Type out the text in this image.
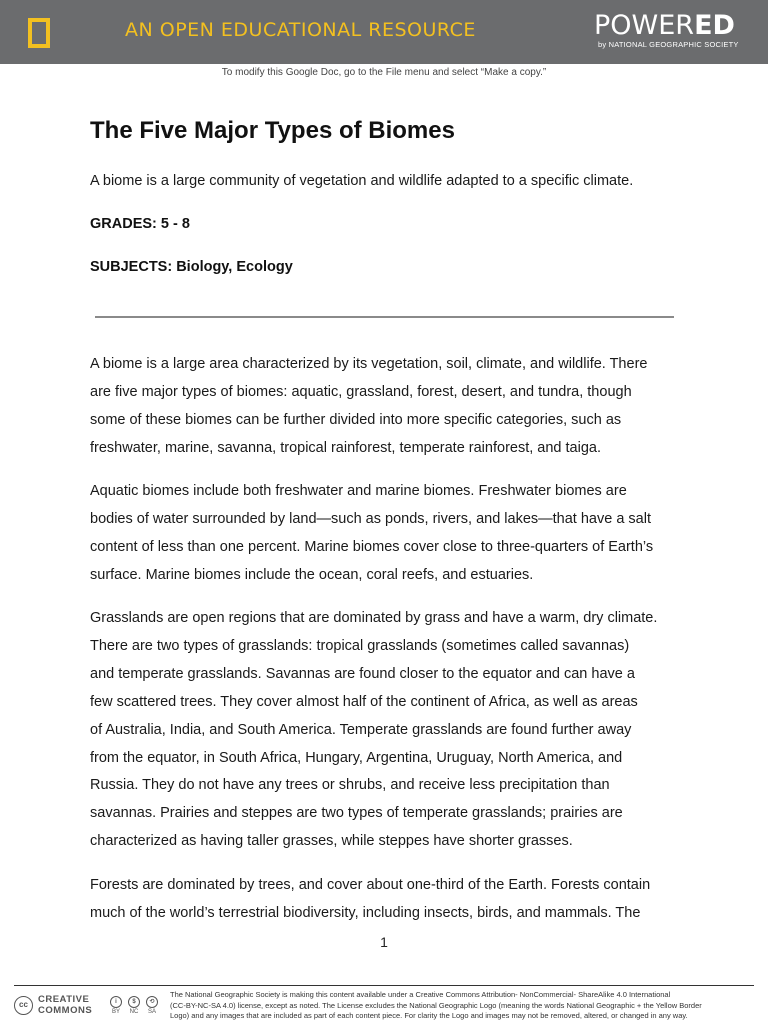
AN OPEN EDUCATIONAL RESOURCE	POWERED
by NATIONAL GEOGRAPHIC SOCIETY
To modify this Google Doc, go to the File menu and select “Make a copy.”
The Five Major Types of Biomes
A biome is a large community of vegetation and wildlife adapted to a specific climate.
GRADES: 5 - 8
SUBJECTS: Biology, Ecology
A biome is a large area characterized by its vegetation, soil, climate, and wildlife. There
are five major types of biomes: aquatic, grassland, forest, desert, and tundra, though
some of these biomes can be further divided into more specific categories, such as
freshwater, marine, savanna, tropical rainforest, temperate rainforest, and taiga.
Aquatic biomes include both freshwater and marine biomes. Freshwater biomes are
bodies of water surrounded by land—such as ponds, rivers, and lakes—that have a salt
content of less than one percent. Marine biomes cover close to three-quarters of Earth’s
surface. Marine biomes include the ocean, coral reefs, and estuaries.
Grasslands are open regions that are dominated by grass and have a warm, dry climate.
There are two types of grasslands: tropical grasslands (sometimes called savannas)
and temperate grasslands. Savannas are found closer to the equator and can have a
few scattered trees. They cover almost half of the continent of Africa, as well as areas
of Australia, India, and South America. Temperate grasslands are found further away
from the equator, in South Africa, Hungary, Argentina, Uruguay, North America, and
Russia. They do not have any trees or shrubs, and receive less precipitation than
savannas. Prairies and steppes are two types of temperate grasslands; prairies are
characterized as having taller grasses, while steppes have shorter grasses.
Forests are dominated by trees, and cover about one-third of the Earth. Forests contain
much of the world’s terrestrial biodiversity, including insects, birds, and mammals. The
1
cc	CREATIVE
COMMONS
i
BY
$
NC
⟲
SA
The National Geographic Society is making this content available under a Creative Commons Attribution- NonCommercial- ShareAlike 4.0 International
(CC-BY-NC-SA 4.0) license, except as noted. The License excludes the National Geographic Logo (meaning the words National Geographic + the Yellow Border
Logo) and any images that are included as part of each content piece. For clarity the Logo and images may not be removed, altered, or changed in any way.
